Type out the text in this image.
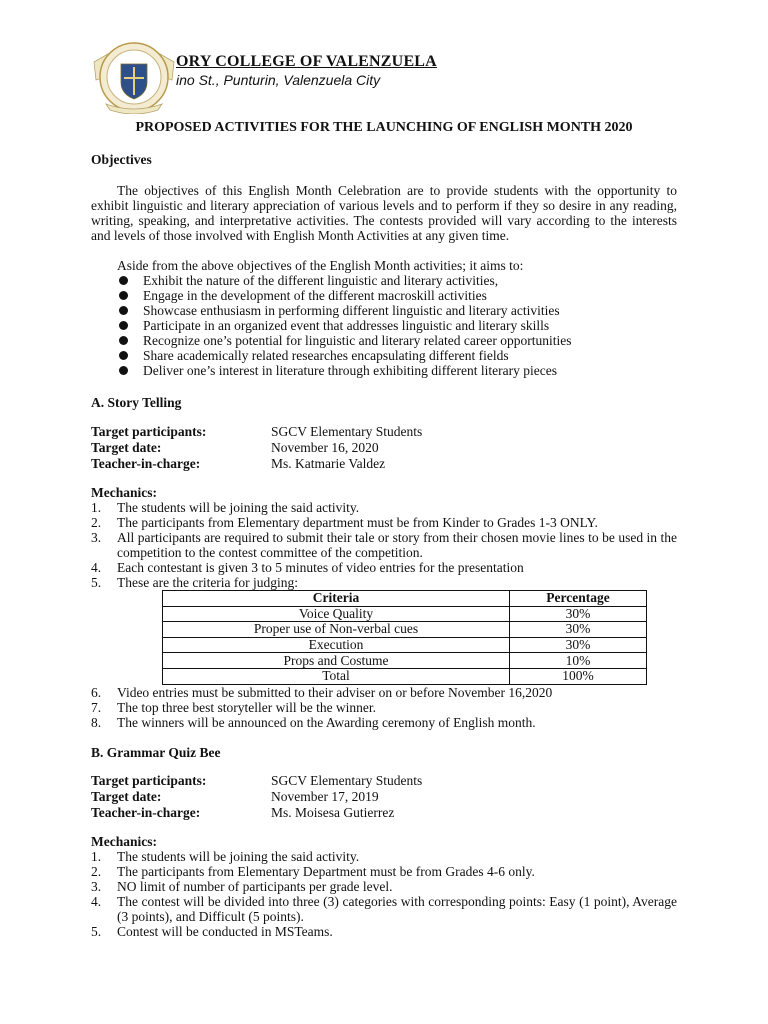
ORY COLLEGE OF VALENZUELA
ino St., Punturin, Valenzuela City
PROPOSED ACTIVITIES FOR THE LAUNCHING OF ENGLISH MONTH 2020
Objectives

The objectives of this English Month Celebration are to provide students with the opportunity to exhibit linguistic and literary appreciation of various levels and to perform if they so desire in any reading, writing, speaking, and interpretative activities. The contests provided will vary according to the interests and levels of those involved with English Month Activities at any given time.

Aside from the above objectives of the English Month activities; it aims to:
Exhibit the nature of the different linguistic and literary activities,
Engage in the development of the different macroskill activities
Showcase enthusiasm in performing different linguistic and literary activities
Participate in an organized event that addresses linguistic and literary skills
Recognize one’s potential for linguistic and literary related career opportunities
Share academically related researches encapsulating different fields
Deliver one’s interest in literature through exhibiting different literary pieces
A. Story Telling
Target participants:	SGCV Elementary Students
Target date:	November 16, 2020
Teacher-in-charge:	Ms. Katmarie Valdez
Mechanics:
1. The students will be joining the said activity.
2. The participants from Elementary department must be from Kinder to Grades 1-3 ONLY.
3. All participants are required to submit their tale or story from their chosen movie lines to be used in the competition to the contest committee of the competition.
4. Each contestant is given 3 to 5 minutes of video entries for the presentation
5. These are the criteria for judging:
Criteria	Percentage
Voice Quality	30%
Proper use of Non-verbal cues	30%
Execution	30%
Props and Costume	10%
Total	100%
6. Video entries must be submitted to their adviser on or before November 16,2020
7. The top three best storyteller will be the winner.
8. The winners will be announced on the Awarding ceremony of English month.
B. Grammar Quiz Bee
Target participants:	SGCV Elementary Students
Target date:	November 17, 2019
Teacher-in-charge:	Ms. Moisesa Gutierrez
Mechanics:
1. The students will be joining the said activity.
2. The participants from Elementary Department must be from Grades 4-6 only.
3. NO limit of number of participants per grade level.
4. The contest will be divided into three (3) categories with corresponding points: Easy (1 point), Average (3 points), and Difficult (5 points).
5. Contest will be conducted in MSTeams.
